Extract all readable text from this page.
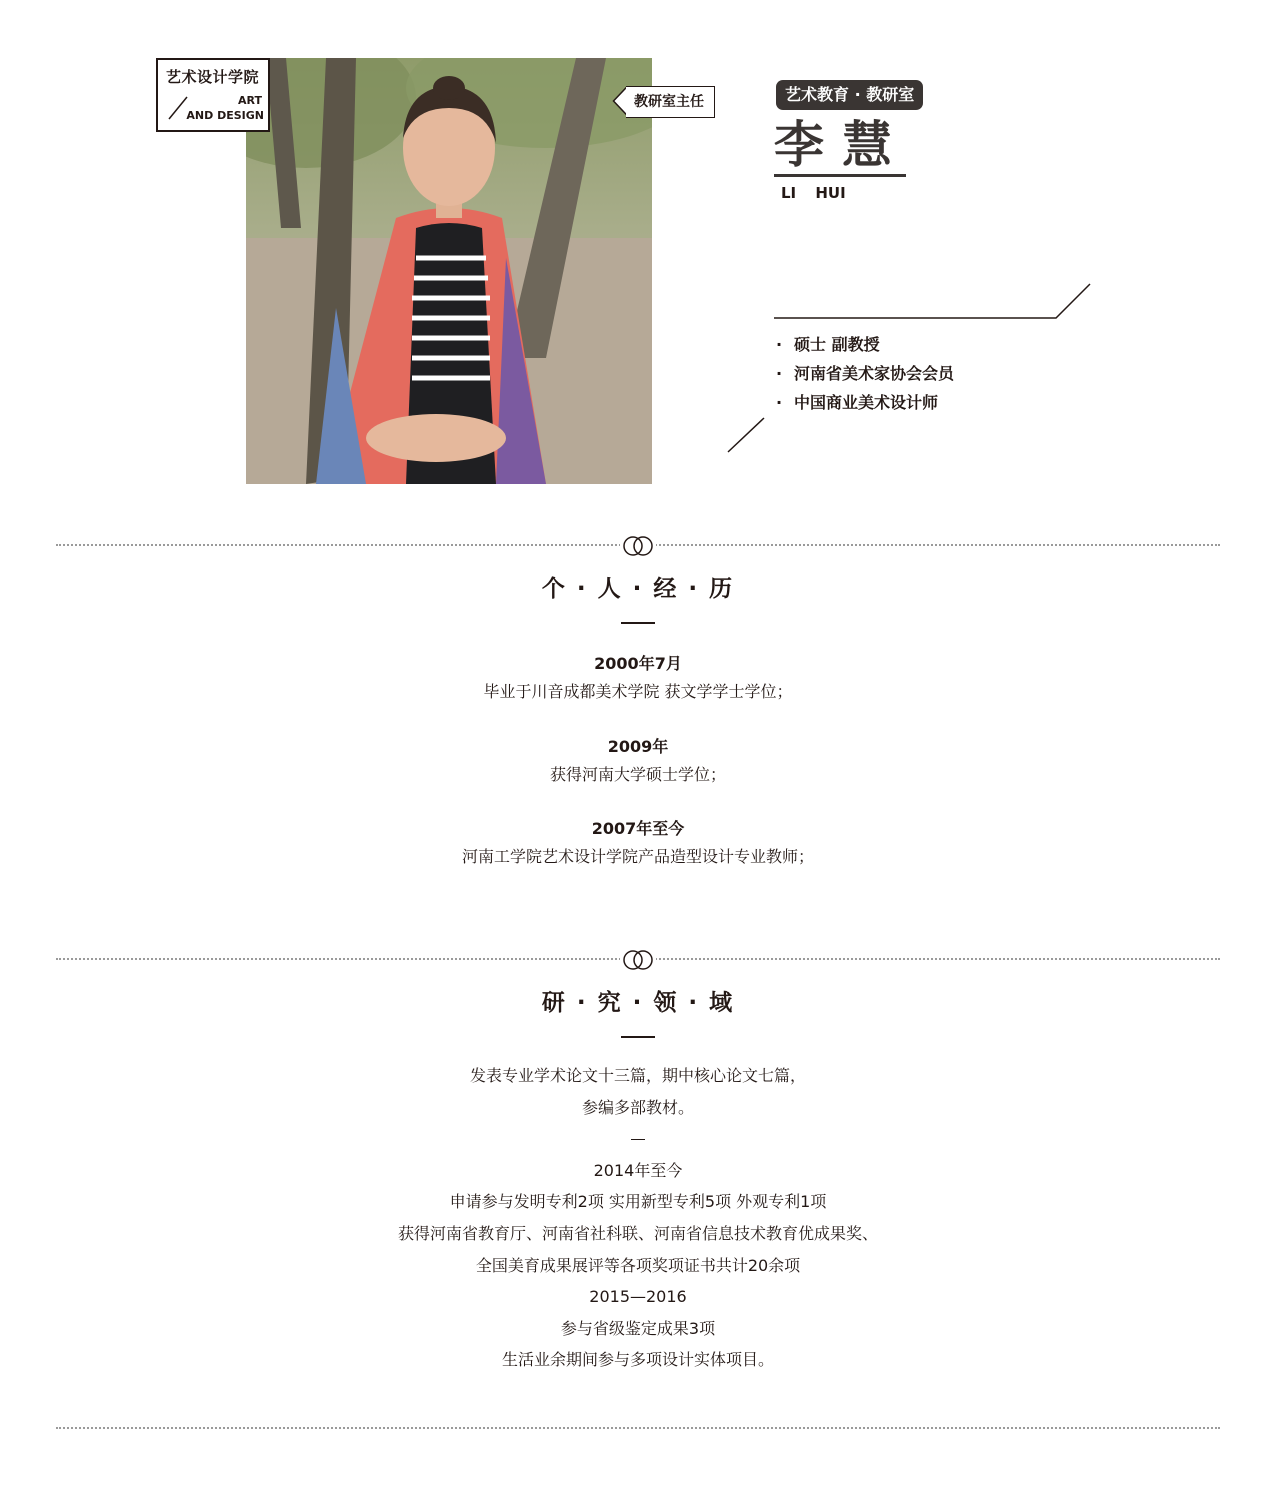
艺术设计学院
ART
AND DESIGN
教研室主任	艺术教育 · 教研室
李慧
LI HUI
· 硕士 副教授
· 河南省美术家协会会员
· 中国商业美术设计师
个 · 人 · 经 · 历
2000年7月
毕业于川音成都美术学院 获文学学士学位；
2009年
获得河南大学硕士学位；
2007年至今
河南工学院艺术设计学院产品造型设计专业教师；
研 · 究 · 领 · 域
发表专业学术论文十三篇，期中核心论文七篇，
参编多部教材。
2014年至今
申请参与发明专利2项 实用新型专利5项 外观专利1项
获得河南省教育厅、河南省社科联、河南省信息技术教育优成果奖、
全国美育成果展评等各项奖项证书共计20余项
2015—2016
参与省级鉴定成果3项
生活业余期间参与多项设计实体项目。
